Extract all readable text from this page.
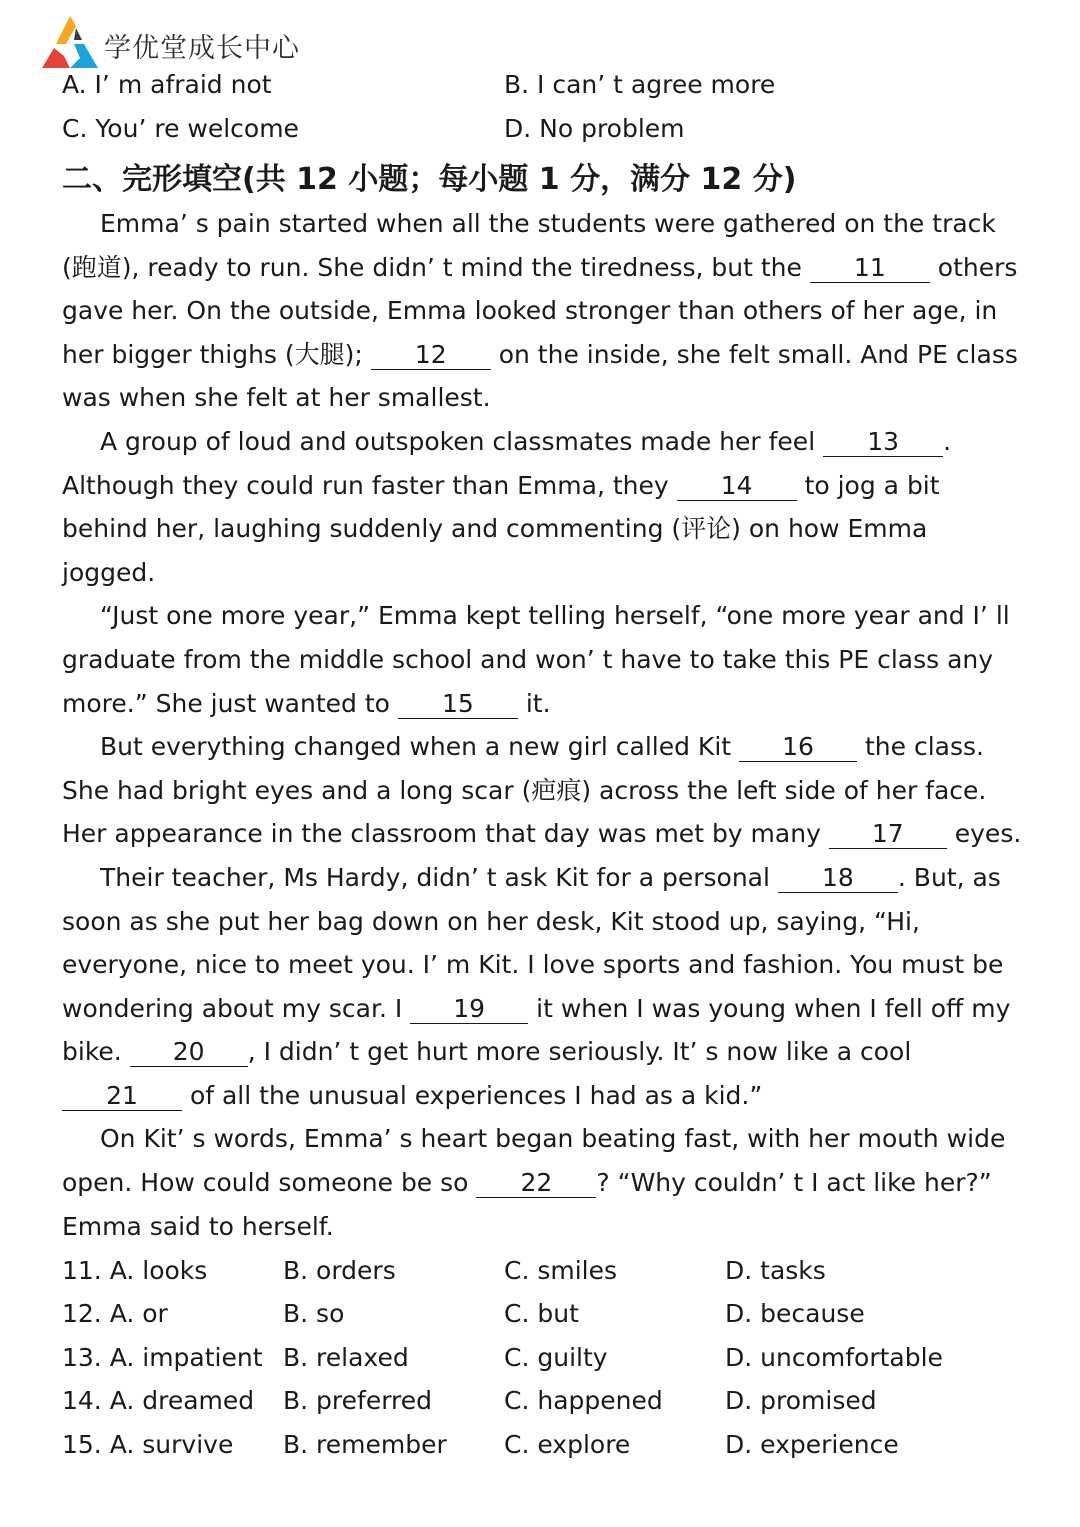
学优堂成长中心
A. I’ m afraid not	B. I can’ t agree more
C. You’ re welcome	D. No problem
二、完形填空(共 12 小题；每小题 1 分，满分 12 分)

Emma’ s pain started when all the students were gathered on the track (跑道), ready to run. She didn’ t mind the tiredness, but the 11 others gave her. On the outside, Emma looked stronger than others of her age, in her bigger thighs (大腿); 12 on the inside, she felt small. And PE class was when she felt at her smallest.

A group of loud and outspoken classmates made her feel 13 . Although they could run faster than Emma, they 14 to jog a bit behind her, laughing suddenly and commenting (评论) on how Emma jogged.

“Just one more year,” Emma kept telling herself, “one more year and I’ ll graduate from the middle school and won’ t have to take this PE class any more.” She just wanted to 15 it.

But everything changed when a new girl called Kit 16 the class. She had bright eyes and a long scar (疤痕) across the left side of her face. Her appearance in the classroom that day was met by many 17 eyes.

Their teacher, Ms Hardy, didn’ t ask Kit for a personal 18 . But, as soon as she put her bag down on her desk, Kit stood up, saying, “Hi, everyone, nice to meet you. I’ m Kit. I love sports and fashion. You must be wondering about my scar. I 19 it when I was young when I fell off my bike. 20 , I didn’ t get hurt more seriously. It’ s now like a cool 21 of all the unusual experiences I had as a kid.”

On Kit’ s words, Emma’ s heart began beating fast, with her mouth wide open. How could someone be so 22 ? “Why couldn’ t I act like her?” Emma said to herself.

11. A. looks	B. orders	C. smiles	D. tasks
12. A. or	B. so	C. but	D. because
13. A. impatient B. relaxed	C. guilty	D. uncomfortable
14. A. dreamed	B. preferred	C. happened	D. promised
15. A. survive	B. remember	C. explore	D. experience
